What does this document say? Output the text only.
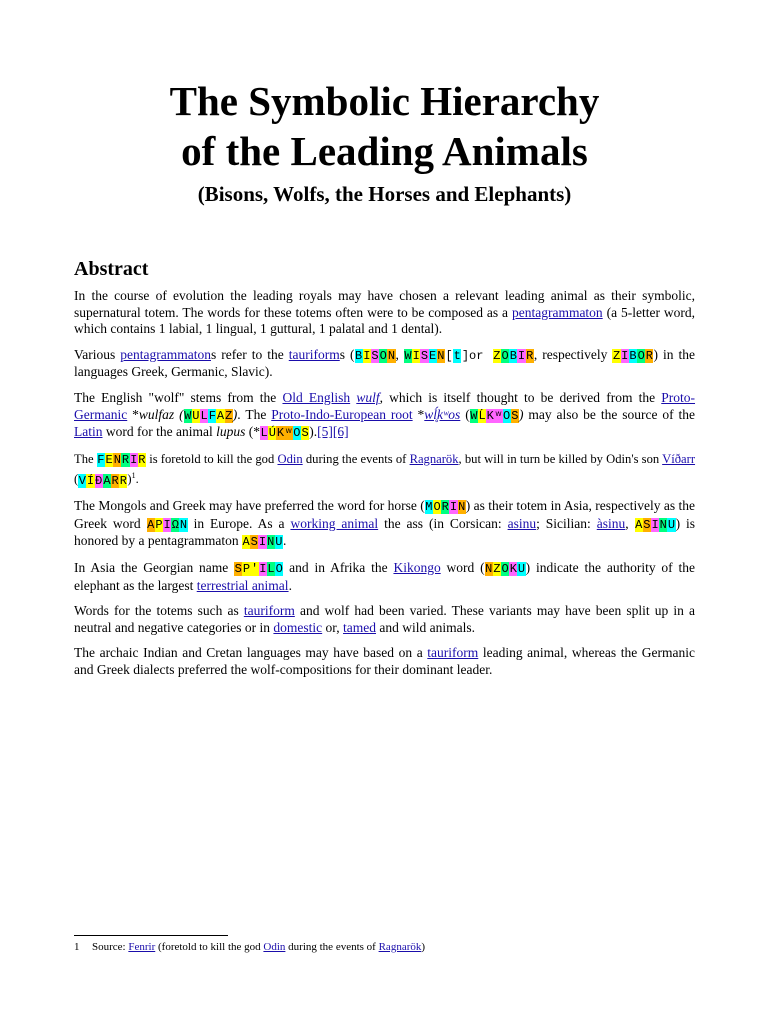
The Symbolic Hierarchy
of the Leading Animals
(Bisons, Wolfs, the Horses and Elephants)
Abstract

In the course of evolution the leading royals may have chosen a relevant leading animal as their symbolic, supernatural totem. The words for these totems often were to be composed as a pentagrammaton (a 5-letter word, which contains 1 labial, 1 lingual, 1 guttural, 1 palatal and 1 dental).

Various pentagrammatons refer to the tauriforms (BISON, WISEN[t]or ZOBIR, respectively ZIBOR) in the languages Greek, Germanic, Slavic).

The English "wolf" stems from the Old English wulf, which is itself thought to be derived from the Proto-Germanic *wulfaz (WULFAZ). The Proto-Indo-European root *wĺ̥kʷos (WĹKʷOS) may also be the source of the Latin word for the animal lupus (*LÚKʷOS).[5][6]

The FENRIR is foretold to kill the god Odin during the events of Ragnarök, but will in turn be killed by Odin's son Víðarr (VÍÐARR)$^1$.

The Mongols and Greek may have preferred the word for horse (MORIN) as their totem in Asia, respectively as the Greek word APIΩN in Europe. As a working animal the ass (in Corsican: asinu; Sicilian: àsinu, ASINU) is honored by a pentagrammaton ASINU.

In Asia the Georgian name SP'ILO and in Afrika the Kikongo word (NZOKU) indicate the authority of the elephant as the largest terrestrial animal.

Words for the totems such as tauriform and wolf had been varied. These variants may have been split up in a neutral and negative categories or in domestic or, tamed and wild animals.

The archaic Indian and Cretan languages may have based on a tauriform leading animal, whereas the Germanic and Greek dialects preferred the wolf-compositions for their dominant leader.

1 Source: Fenrir (foretold to kill the god Odin during the events of Ragnarök)
